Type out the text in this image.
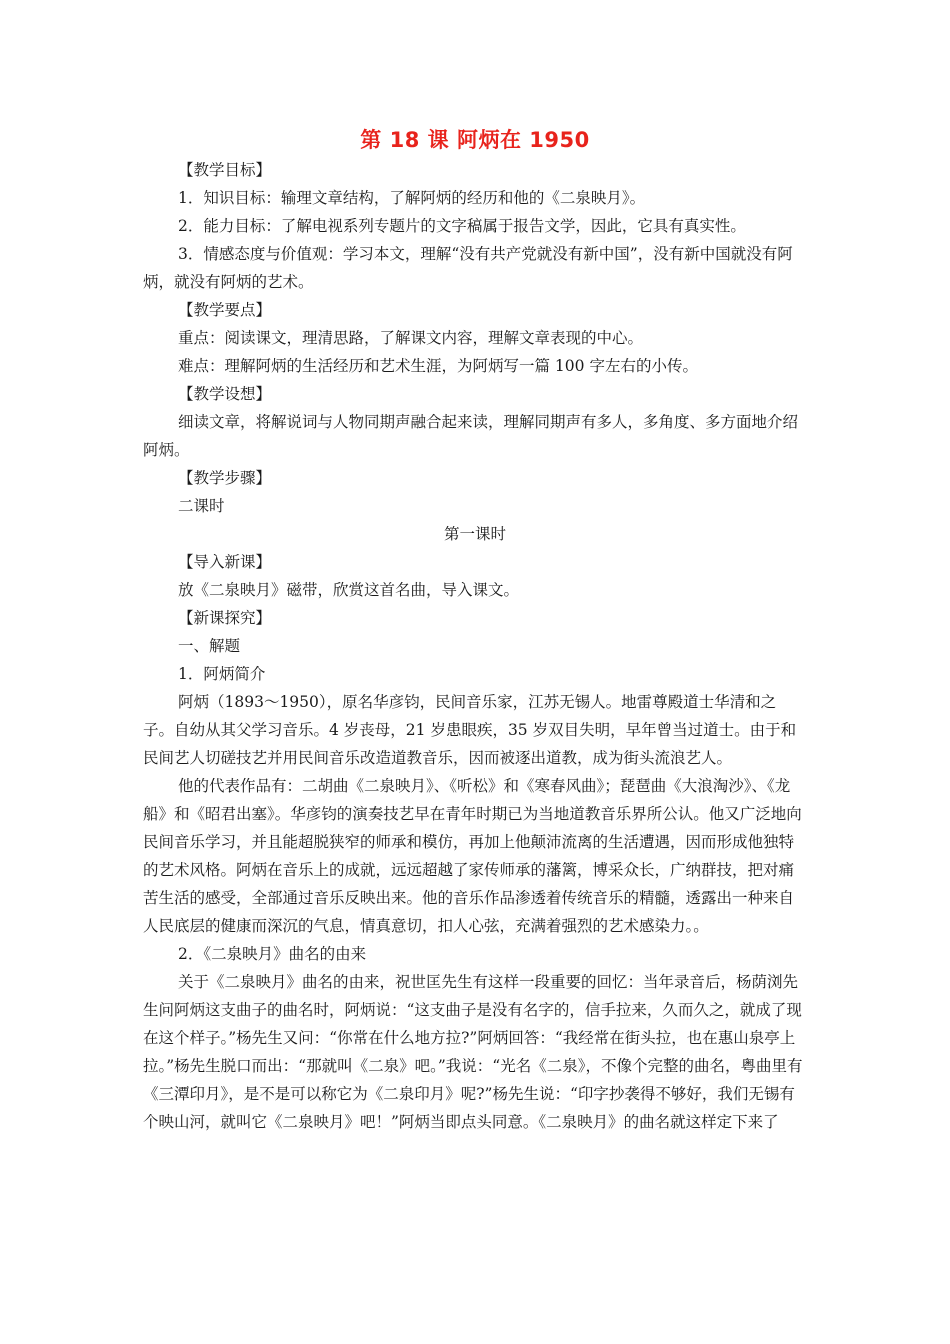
第 18 课 阿炳在 1950

【教学目标】

1．知识目标：输理文章结构，了解阿炳的经历和他的《二泉映月》。

2．能力目标：了解电视系列专题片的文字稿属于报告文学，因此，它具有真实性。

3．情感态度与价值观：学习本文，理解“没有共产党就没有新中国”，没有新中国就没有阿炳，就没有阿炳的艺术。

【教学要点】

重点：阅读课文，理清思路，了解课文内容，理解文章表现的中心。

难点：理解阿炳的生活经历和艺术生涯，为阿炳写一篇 100 字左右的小传。

【教学设想】

细读文章，将解说词与人物同期声融合起来读，理解同期声有多人，多角度、多方面地介绍阿炳。

【教学步骤】

二课时

第一课时

【导入新课】

放《二泉映月》磁带，欣赏这首名曲，导入课文。

【新课探究】

一、解题

1．阿炳简介

阿炳（1893～1950），原名华彦钧，民间音乐家，江苏无锡人。地雷尊殿道士华清和之子。自幼从其父学习音乐。4 岁丧母，21 岁患眼疾，35 岁双目失明，早年曾当过道士。由于和民间艺人切磋技艺并用民间音乐改造道教音乐，因而被逐出道教，成为街头流浪艺人。

他的代表作品有：二胡曲《二泉映月》、《听松》和《寒春风曲》；琵琶曲《大浪淘沙》、《龙船》和《昭君出塞》。华彦钧的演奏技艺早在青年时期已为当地道教音乐界所公认。他又广泛地向民间音乐学习，并且能超脱狭窄的师承和模仿，再加上他颠沛流离的生活遭遇，因而形成他独特的艺术风格。阿炳在音乐上的成就，远远超越了家传师承的藩篱，博采众长，广纳群技，把对痛苦生活的感受，全部通过音乐反映出来。他的音乐作品渗透着传统音乐的精髓，透露出一种来自人民底层的健康而深沉的气息，情真意切，扣人心弦，充满着强烈的艺术感染力。。

2．《二泉映月》曲名的由来

关于《二泉映月》曲名的由来，祝世匡先生有这样一段重要的回忆：当年录音后，杨荫浏先生问阿炳这支曲子的曲名时，阿炳说：“这支曲子是没有名字的，信手拉来，久而久之，就成了现在这个样子。”杨先生又问：“你常在什么地方拉?”阿炳回答：“我经常在街头拉，也在惠山泉亭上拉。”杨先生脱口而出：“那就叫《二泉》吧。”我说：“光名《二泉》，不像个完整的曲名，粤曲里有《三潭印月》，是不是可以称它为《二泉印月》呢?”杨先生说：“印字抄袭得不够好，我们无锡有个映山河，就叫它《二泉映月》吧！”阿炳当即点头同意。《二泉映月》的曲名就这样定下来了
